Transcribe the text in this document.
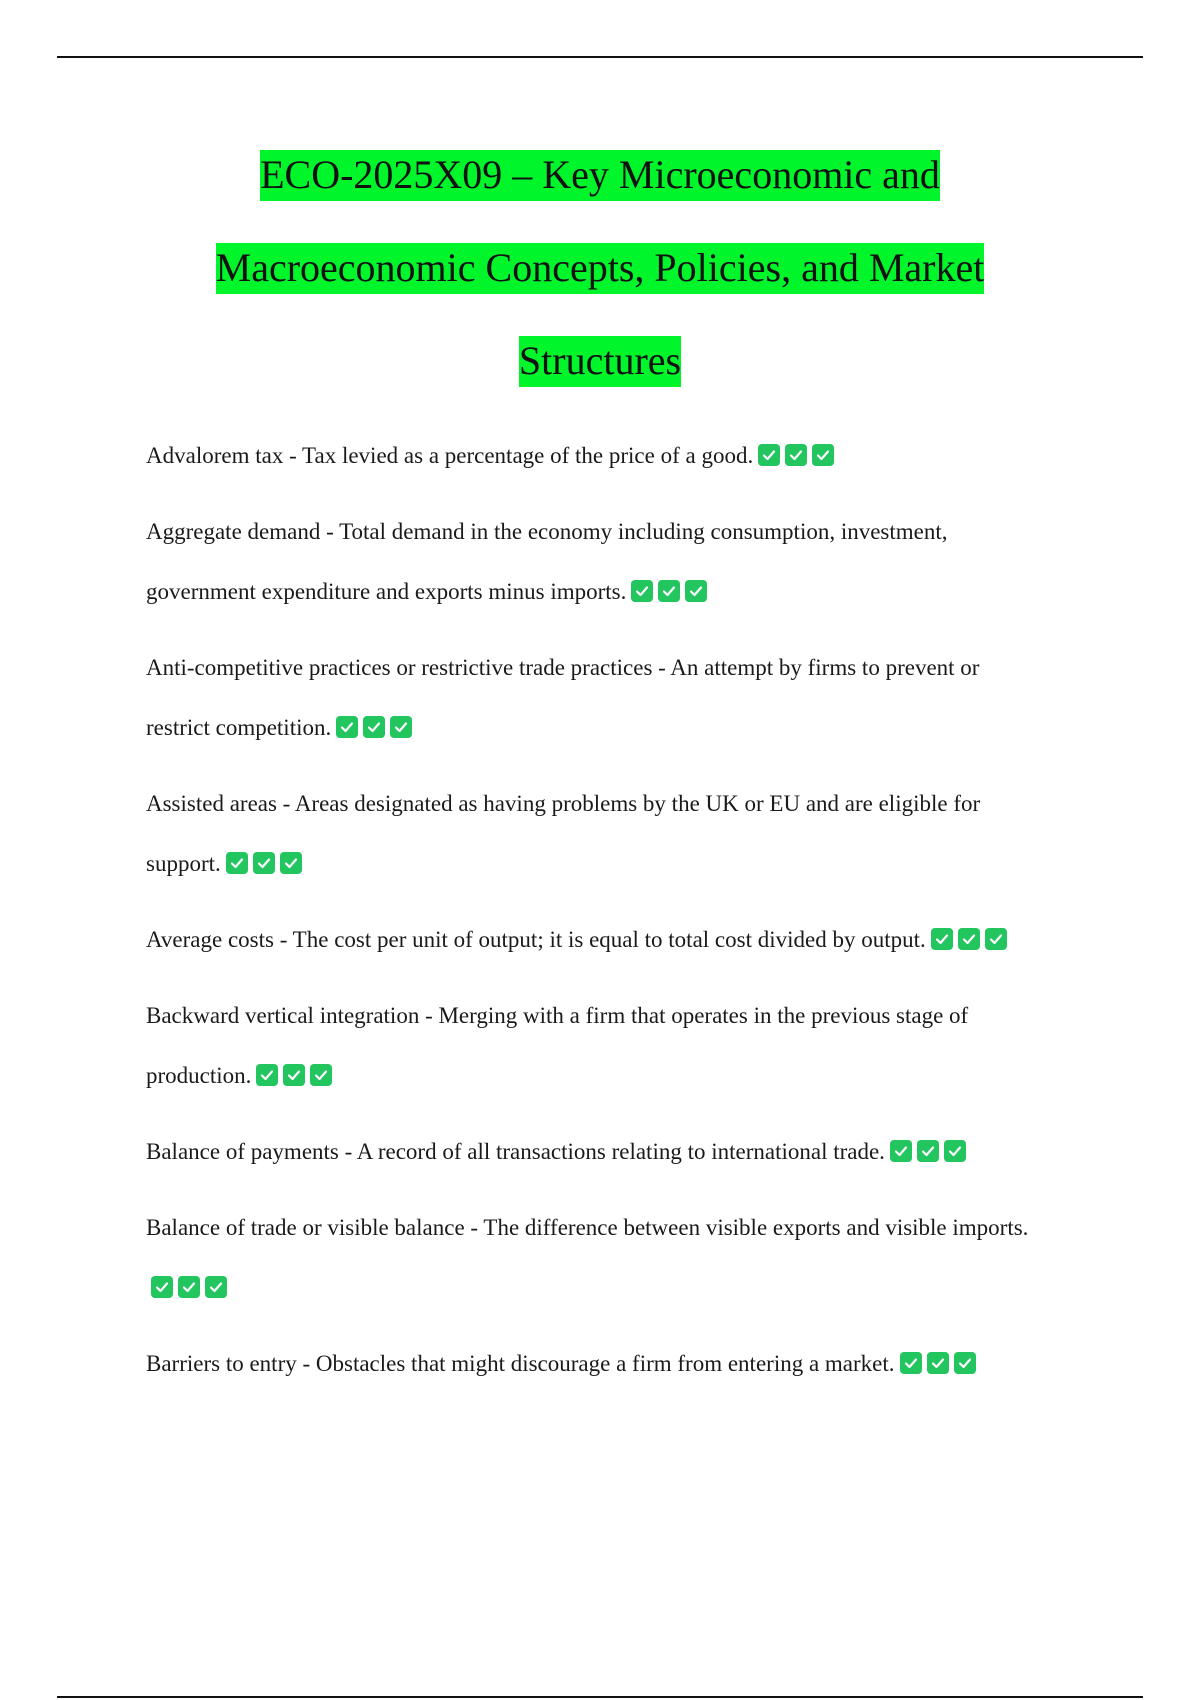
ECO-2025X09 – Key Microeconomic and
Macroeconomic Concepts, Policies, and Market
Structures

Advalorem tax - Tax levied as a percentage of the price of a good.

Aggregate demand - Total demand in the economy including consumption, investment, government expenditure and exports minus imports.

Anti-competitive practices or restrictive trade practices - An attempt by firms to prevent or restrict competition.

Assisted areas - Areas designated as having problems by the UK or EU and are eligible for support.

Average costs - The cost per unit of output; it is equal to total cost divided by output.

Backward vertical integration - Merging with a firm that operates in the previous stage of production.

Balance of payments - A record of all transactions relating to international trade.

Balance of trade or visible balance - The difference between visible exports and visible imports.

Barriers to entry - Obstacles that might discourage a firm from entering a market.
